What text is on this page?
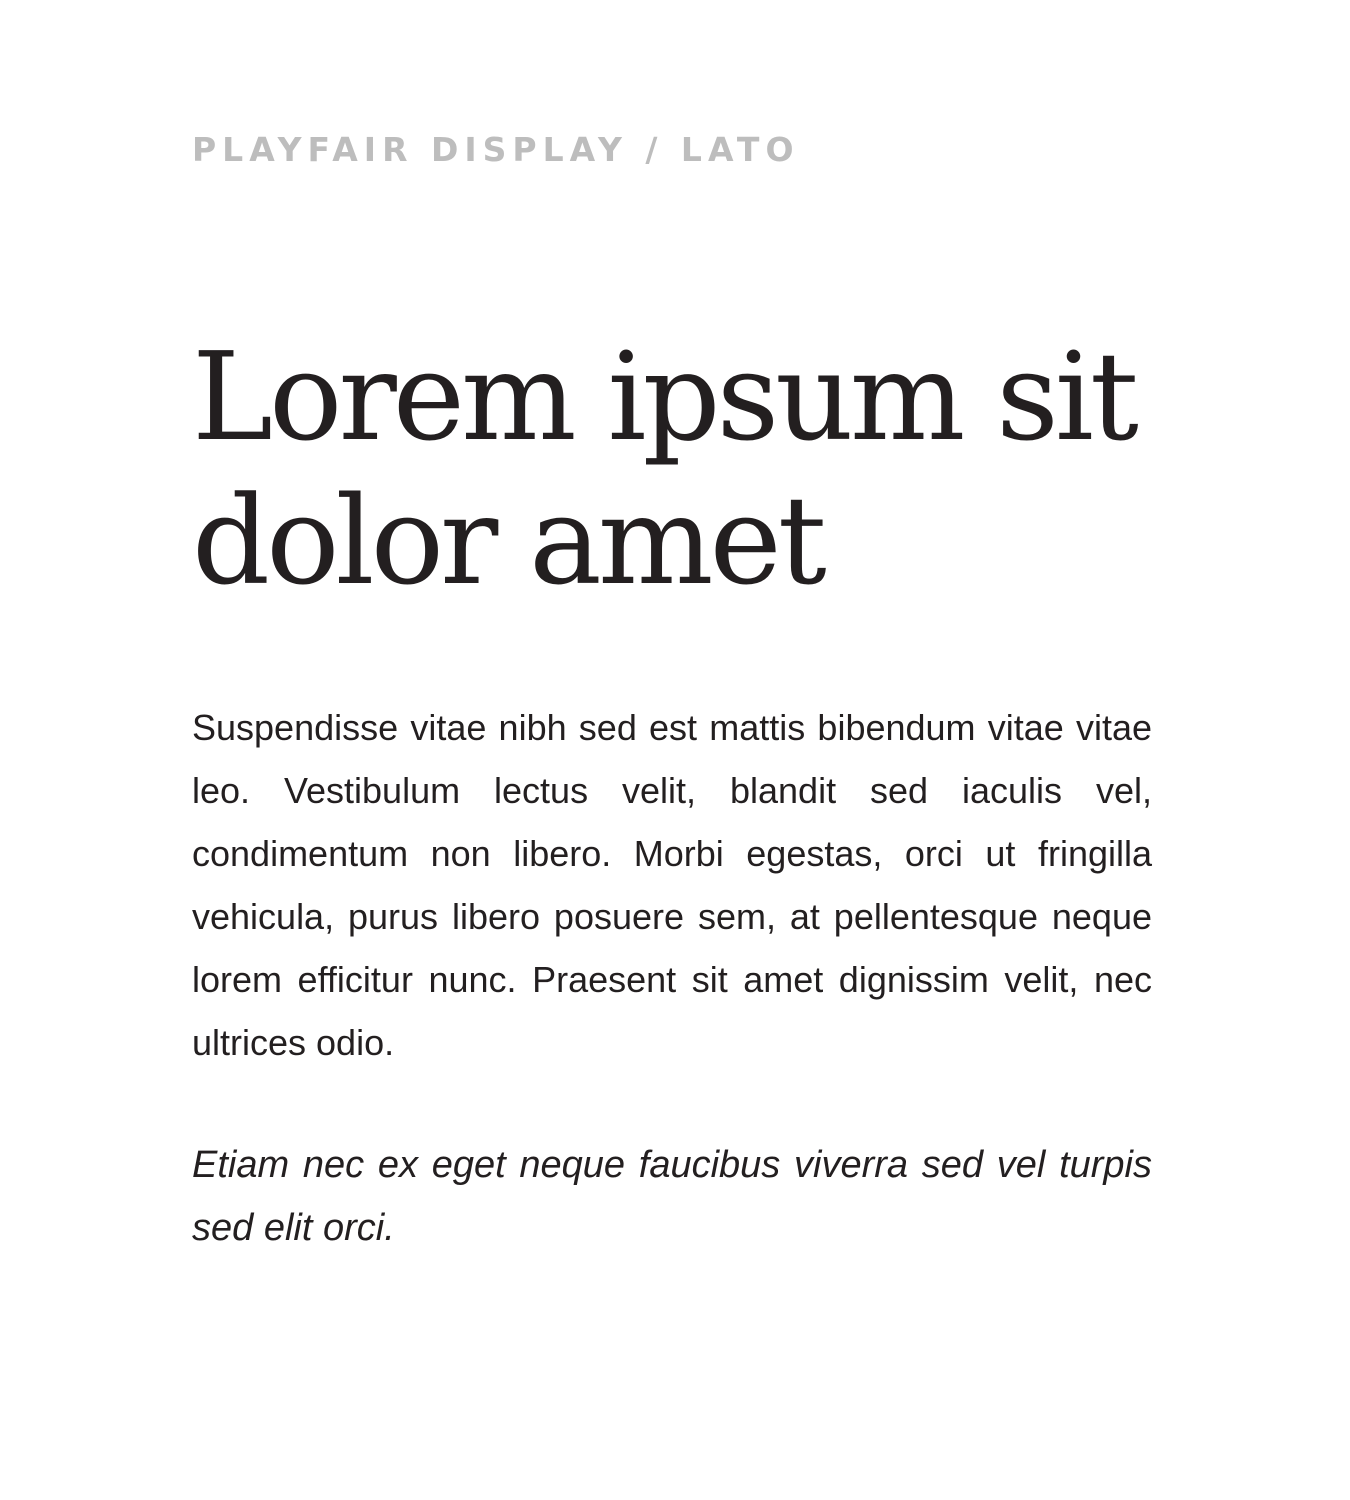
PLAYFAIR DISPLAY / LATO

Lorem ipsum sit dolor amet

Suspendisse vitae nibh sed est mattis bibendum vitae vitae leo. Vestibulum lectus velit, blandit sed iaculis vel, condimentum non libero. Morbi egestas, orci ut fringilla vehicula, purus libero posuere sem, at pellentesque neque lorem efficitur nunc. Praesent sit amet dignissim velit, nec ultrices odio.

Etiam nec ex eget neque faucibus viverra sed vel turpis sed elit orci.
